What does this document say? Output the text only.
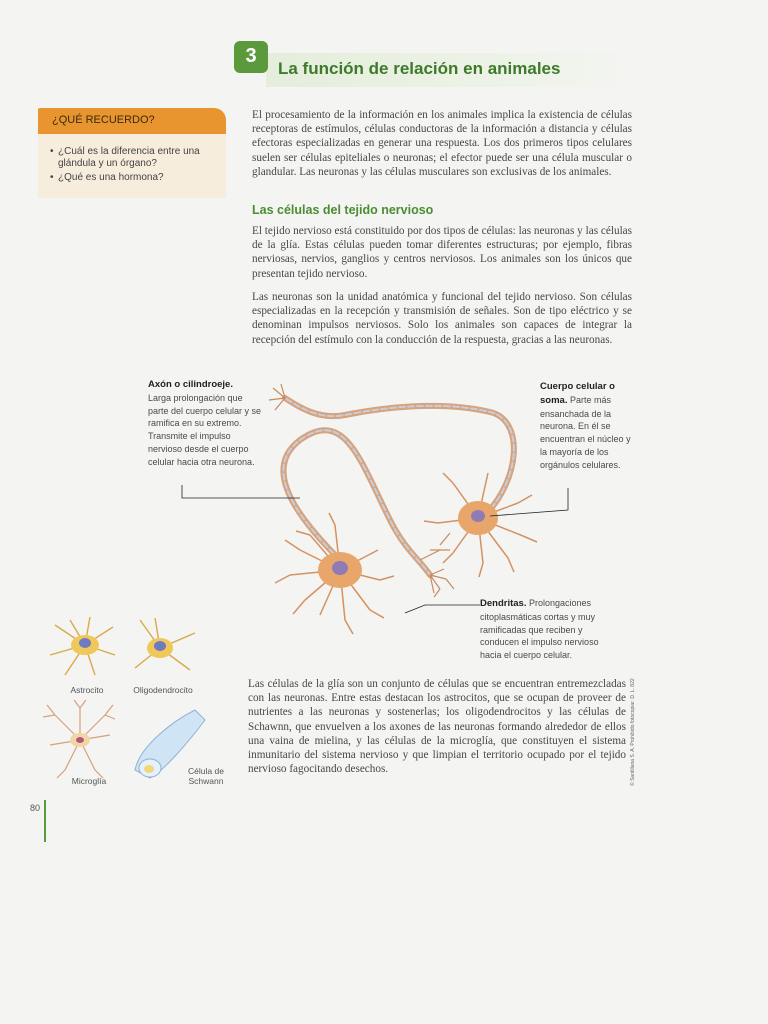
3
La función de relación en animales
¿QUÉ RECUERDO?
• ¿Cuál es la diferencia entre una glándula y un órgano?
• ¿Qué es una hormona?

El procesamiento de la información en los animales implica la existencia de células receptoras de estímulos, células conductoras de la información a distancia y células efectoras especializadas en generar una respuesta. Los dos primeros tipos celulares suelen ser células epiteliales o neuronas; el efector puede ser una célula muscular o glandular. Las neuronas y las células musculares son exclusivas de los animales.

Las células del tejido nervioso

El tejido nervioso está constituido por dos tipos de células: las neuronas y las células de la glía. Estas células pueden tomar diferentes estructuras; por ejemplo, fibras nerviosas, nervios, ganglios y centros nerviosos. Los animales son los únicos que presentan tejido nervioso.

Las neuronas son la unidad anatómica y funcional del tejido nervioso. Son células especializadas en la recepción y transmisión de señales. Son de tipo eléctrico y se denominan impulsos nerviosos. Solo los animales son capaces de integrar la recepción del estímulo con la conducción de la respuesta, gracias a las neuronas.

Las células de la glía son un conjunto de células que se encuentran entremezcladas con las neuronas. Entre estas destacan los astrocitos, que se ocupan de proveer de nutrientes a las neuronas y sostenerlas; los oligodendrocitos y las células de Schawnn, que envuelven a los axones de las neuronas formando alrededor de ellos una vaina de mielina, y las células de la microglía, que constituyen el sistema inmunitario del sistema nervioso y que limpian el territorio ocupado por el tejido nervioso fagocitando desechos.

Axón o cilindroeje.
Larga prolongación que parte del cuerpo celular y se ramifica en su extremo. Transmite el impulso nervioso desde el cuerpo celular hacia otra neurona.
Cuerpo celular o soma. Parte más ensanchada de la neurona. En él se encuentran el núcleo y la mayoría de los orgánulos celulares.
Dendritas. Prolongaciones citoplasmáticas cortas y muy ramificadas que reciben y conducen el impulso nervioso hacia el cuerpo celular.
Astrocito	Oligodendrocito
Microglía
Célula de Schwann
80
© Santillana S. A. Prohibido fotocopiar. D. L. 822
